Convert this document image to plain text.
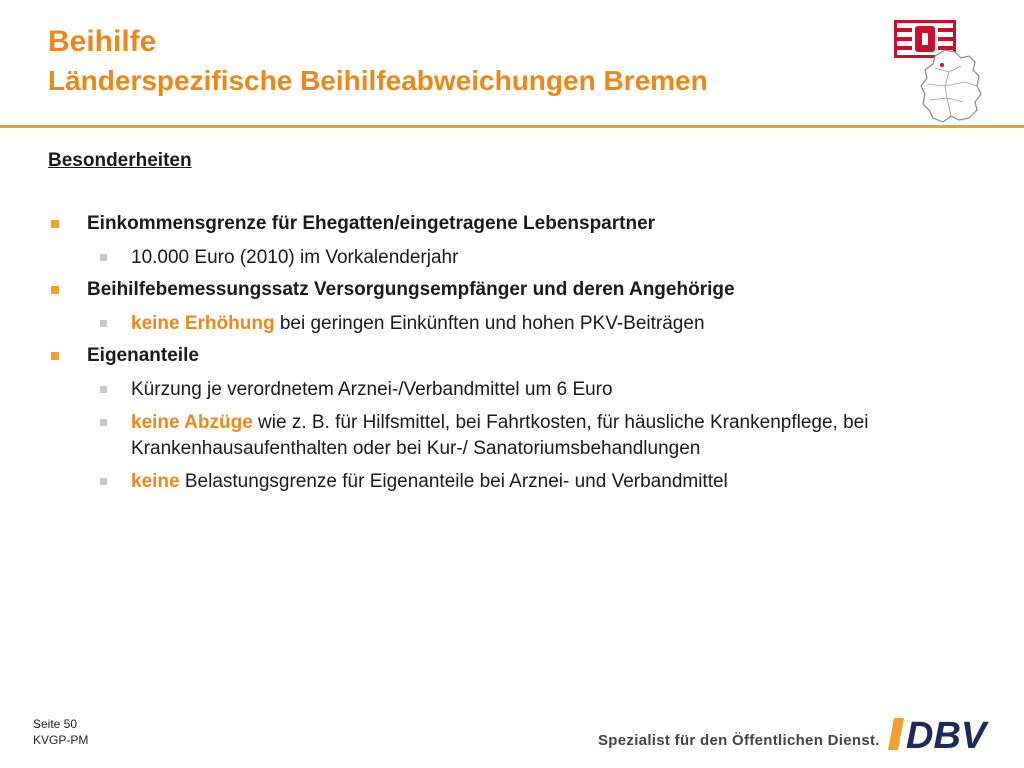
Beihilfe
Länderspezifische Beihilfeabweichungen Bremen
Besonderheiten
Einkommensgrenze für Ehegatten/eingetragene Lebenspartner
10.000 Euro (2010) im Vorkalenderjahr
Beihilfebemessungssatz Versorgungsempfänger und deren Angehörige
keine Erhöhung bei geringen Einkünften und hohen PKV-Beiträgen
Eigenanteile
Kürzung je verordnetem Arznei-/Verbandmittel um 6 Euro
keine Abzüge wie z. B. für Hilfsmittel, bei Fahrtkosten, für häusliche Krankenpflege, bei Krankenhausaufenthalten oder bei Kur-/ Sanatoriumsbehandlungen
keine Belastungsgrenze für Eigenanteile bei Arznei- und Verbandmittel
Seite 50
KVGP-PM	Spezialist für den Öffentlichen Dienst. DBV
